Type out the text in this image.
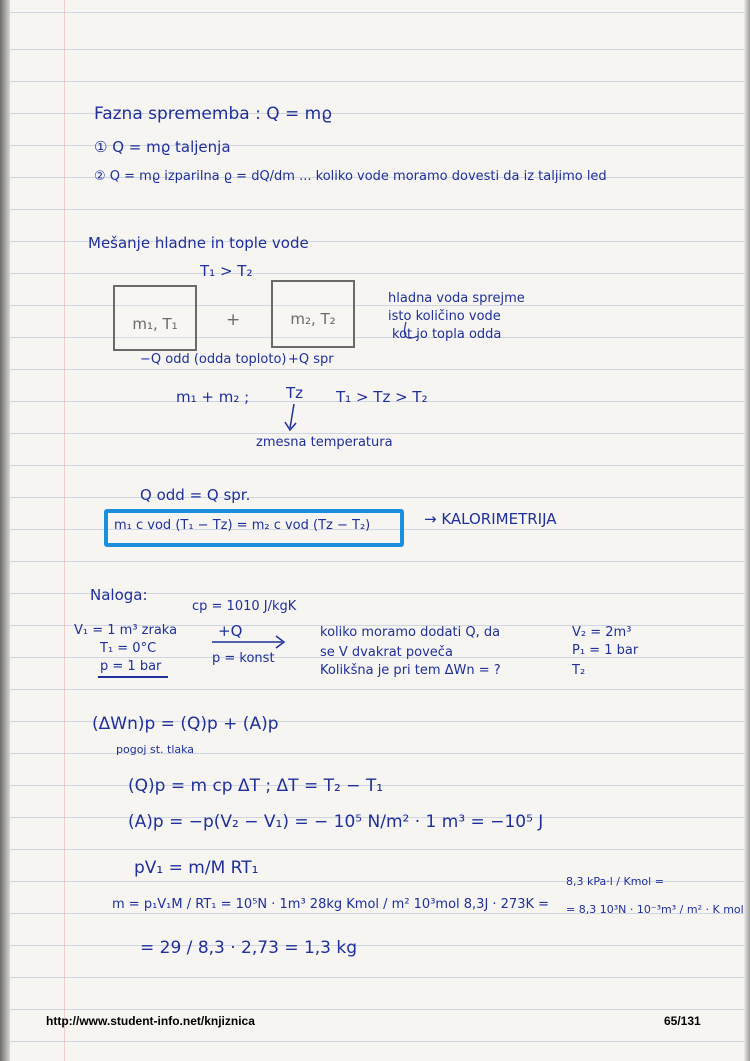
Fazna sprememba : Q = mϱ
① Q = mϱ taljenja
② Q = mϱ izparilna ϱ = dQ/dm ... koliko vode moramo dovesti da iz taljimo led
Mešanje hladne in tople vode
T₁ > T₂
m₁, T₁	+	m₂, T₂
hladna voda sprejme
isto količino vode
kot jo topla odda
−Q odd (odda toploto) +Q spr
m₁ + m₂ ; Tz T₁ > Tz > T₂
zmesna temperatura
Q odd = Q spr.
m₁ c vod (T₁ − Tz) = m₂ c vod (Tz − T₂)	→ KALORIMETRIJA
Naloga:
cp = 1010 J/kgK
V₁ = 1 m³ zraka
T₁ = 0°C
p = 1 bar
+Q
p = konst
koliko moramo dodati Q, da
se V dvakrat poveča
Kolikšna je pri tem ΔWn = ?
V₂ = 2m³
P₁ = 1 bar
T₂
(ΔWn)p = (Q)p + (A)p
pogoj st. tlaka
(Q)p = m cp ΔT ; ΔT = T₂ − T₁
(A)p = −p(V₂ − V₁) = − 10⁵ N/m² · 1 m³ = −10⁵ J
pV₁ = m/M RT₁
m = p₁V₁M / RT₁ = 10⁵N · 1m³ 28kg Kmol / m² 10³mol 8,3J · 273K =
8,3 kPa·l / Kmol =
= 8,3 10³N · 10⁻³m³ / m² · K mol
= 29 / 8,3 · 2,73 = 1,3 kg
http://www.student-info.net/knjiznica	65/131
